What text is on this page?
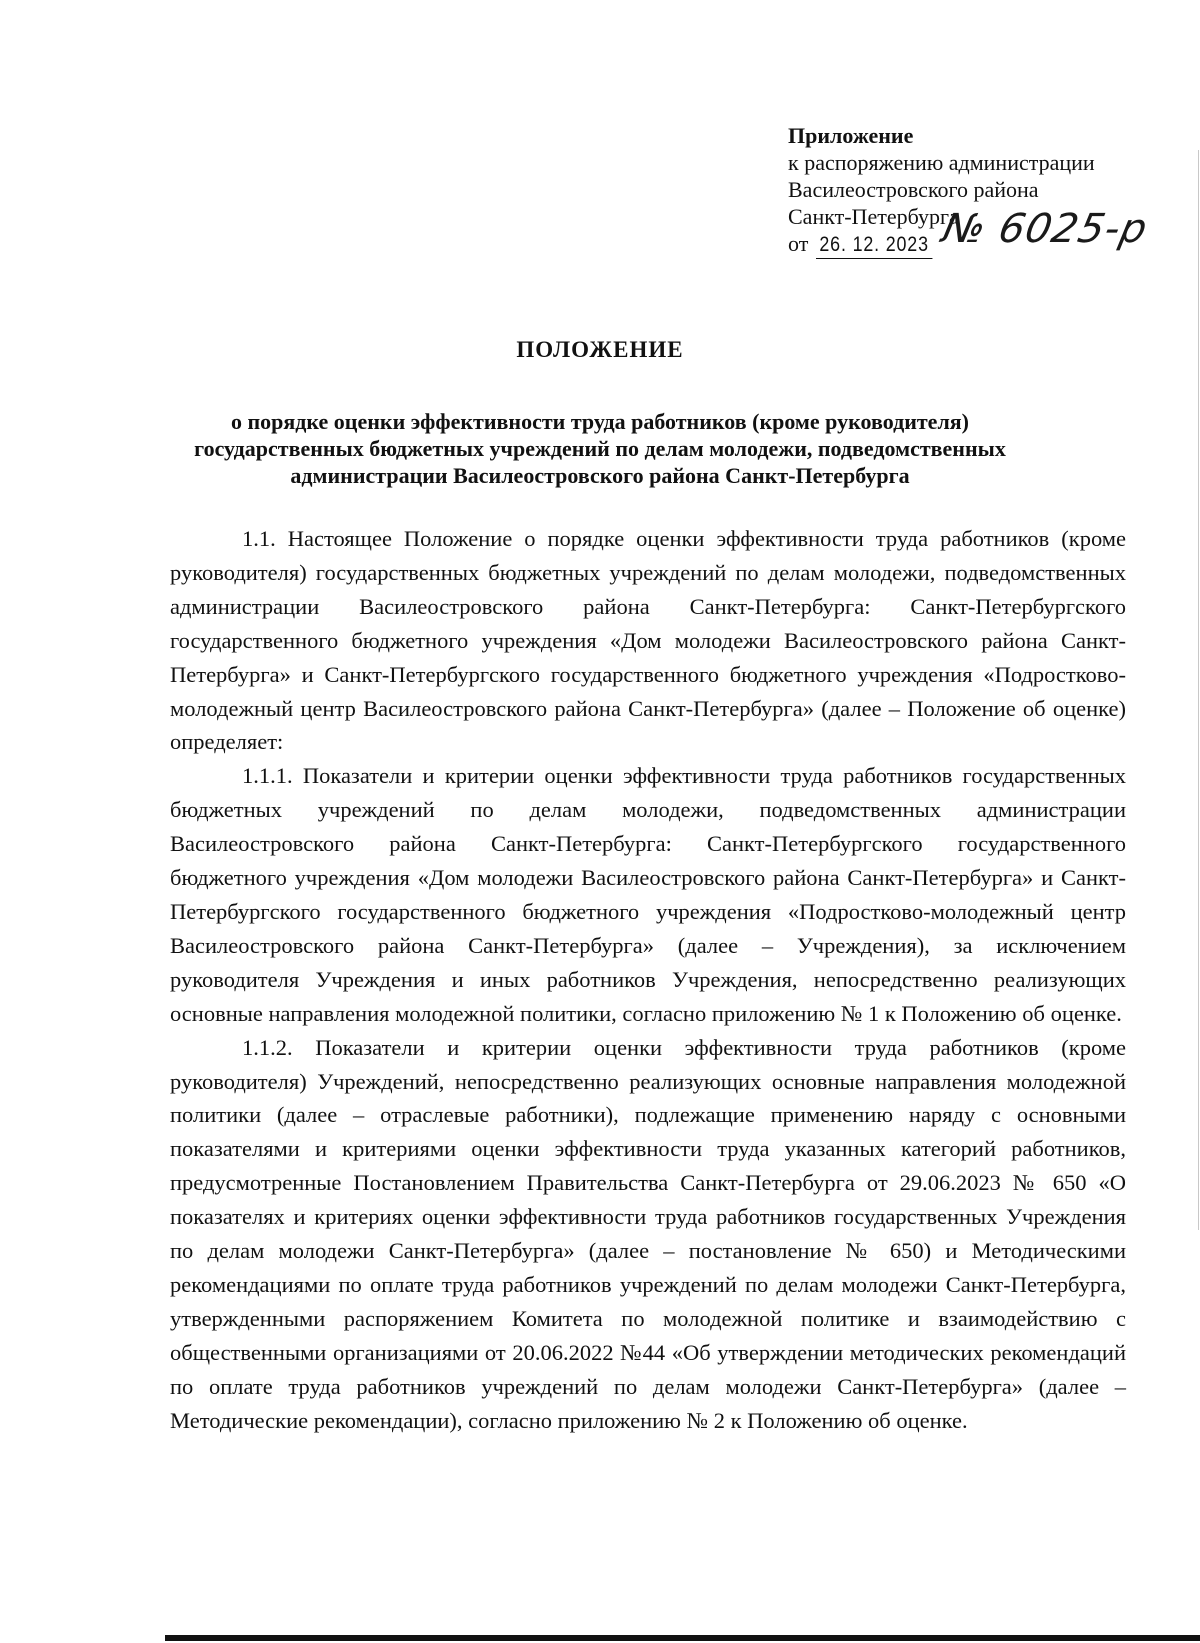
Приложение
к распоряжению администрации
Василеостровского района
Санкт-Петербурга
от 26. 12. 2023 № 6025-р
ПОЛОЖЕНИЕ
о порядке оценки эффективности труда работников (кроме руководителя) государственных бюджетных учреждений по делам молодежи, подведомственных администрации Василеостровского района Санкт-Петербурга

1.1. Настоящее Положение о порядке оценки эффективности труда работников (кроме руководителя) государственных бюджетных учреждений по делам молодежи, подведомственных администрации Василеостровского района Санкт-Петербурга: Санкт-Петербургского государственного бюджетного учреждения «Дом молодежи Василеостровского района Санкт-Петербурга» и Санкт-Петербургского государственного бюджетного учреждения «Подростково-молодежный центр Василеостровского района Санкт-Петербурга» (далее – Положение об оценке) определяет:

1.1.1. Показатели и критерии оценки эффективности труда работников государственных бюджетных учреждений по делам молодежи, подведомственных администрации Василеостровского района Санкт-Петербурга: Санкт-Петербургского государственного бюджетного учреждения «Дом молодежи Василеостровского района Санкт-Петербурга» и Санкт-Петербургского государственного бюджетного учреждения «Подростково-молодежный центр Василеостровского района Санкт-Петербурга» (далее – Учреждения), за исключением руководителя Учреждения и иных работников Учреждения, непосредственно реализующих основные направления молодежной политики, согласно приложению № 1 к Положению об оценке.

1.1.2. Показатели и критерии оценки эффективности труда работников (кроме руководителя) Учреждений, непосредственно реализующих основные направления молодежной политики (далее – отраслевые работники), подлежащие применению наряду с основными показателями и критериями оценки эффективности труда указанных категорий работников, предусмотренные Постановлением Правительства Санкт-Петербурга от 29.06.2023 № 650 «О показателях и критериях оценки эффективности труда работников государственных Учреждения по делам молодежи Санкт-Петербурга» (далее – постановление № 650) и Методическими рекомендациями по оплате труда работников учреждений по делам молодежи Санкт-Петербурга, утвержденными распоряжением Комитета по молодежной политике и взаимодействию с общественными организациями от 20.06.2022 №44 «Об утверждении методических рекомендаций по оплате труда работников учреждений по делам молодежи Санкт-Петербурга» (далее – Методические рекомендации), согласно приложению № 2 к Положению об оценке.
